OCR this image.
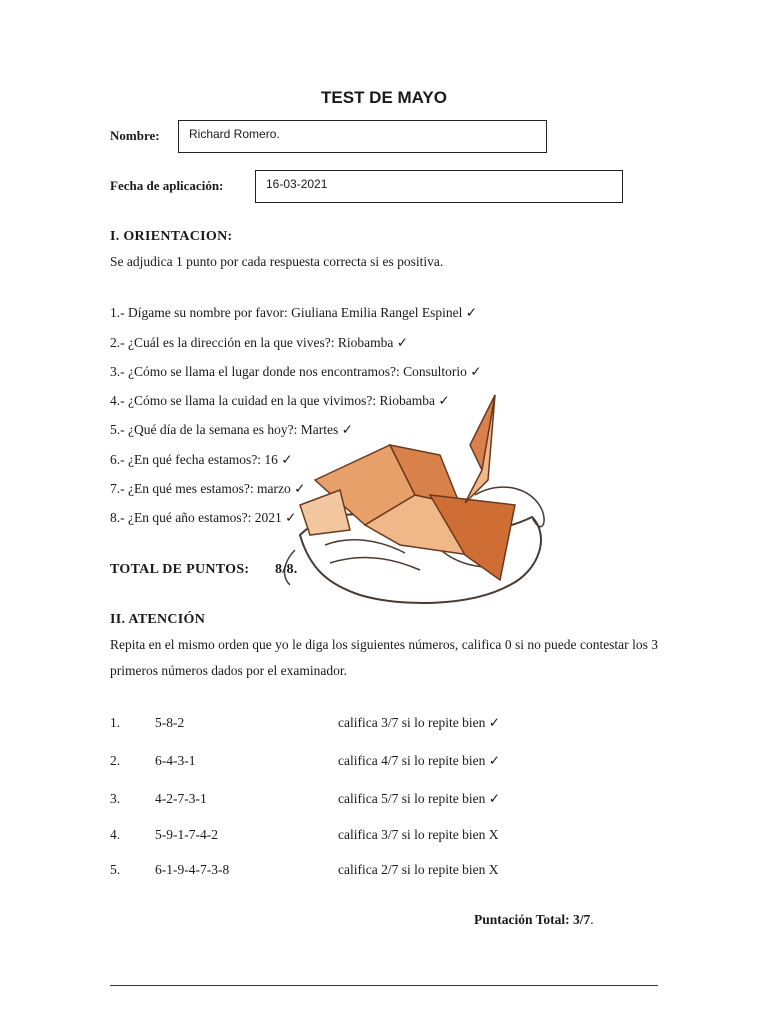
TEST DE MAYO
Nombre:	Richard Romero.
Fecha de aplicación:	16-03-2021
I. ORIENTACION:
Se adjudica 1 punto por cada respuesta correcta si es positiva.
1.- Dígame su nombre por favor: Giuliana Emilia Rangel Espinel ✓
2.- ¿Cuál es la dirección en la que vives?: Riobamba ✓
3.- ¿Cómo se llama el lugar donde nos encontramos?: Consultorio ✓
4.- ¿Cómo se llama la cuidad en la que vivimos?: Riobamba ✓
5.- ¿Qué día de la semana es hoy?: Martes ✓
6.- ¿En qué fecha estamos?: 16 ✓
7.- ¿En qué mes estamos?: marzo ✓
8.- ¿En qué año estamos?: 2021 ✓
TOTAL DE PUNTOS: 8/8.
II. ATENCIÓN
Repita en el mismo orden que yo le diga los siguientes números, califica 0 si no puede contestar los 3 primeros números dados por el examinador.
1.	5-8-2	califica 3/7 si lo repite bien ✓
2.	6-4-3-1	califica 4/7 si lo repite bien ✓
3.	4-2-7-3-1	califica 5/7 si lo repite bien ✓
4.	5-9-1-7-4-2	califica 3/7 si lo repite bien X
5.	6-1-9-4-7-3-8	califica 2/7 si lo repite bien X
Puntación Total: 3/7.
